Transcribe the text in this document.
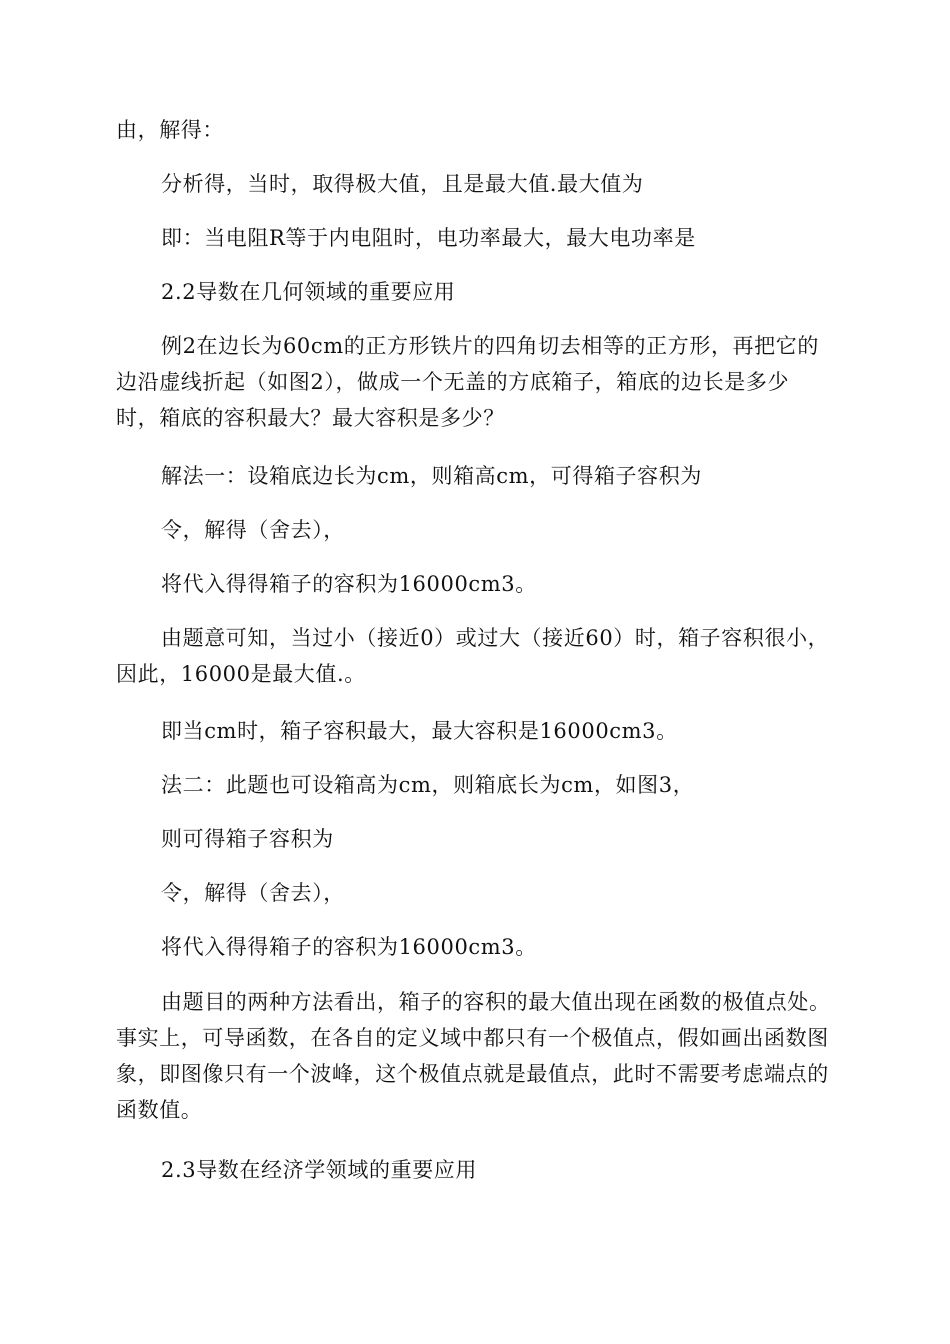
由，解得：

分析得，当时，取得极大值，且是最大值.最大值为

即：当电阻R等于内电阻时，电功率最大，最大电功率是

2.2导数在几何领域的重要应用

例2在边长为60cm的正方形铁片的四角切去相等的正方形，再把它的边沿虚线折起（如图2），做成一个无盖的方底箱子，箱底的边长是多少时，箱底的容积最大？最大容积是多少？

解法一：设箱底边长为cm，则箱高cm，可得箱子容积为

令，解得（舍去），

将代入得得箱子的容积为16000cm3。

由题意可知，当过小（接近0）或过大（接近60）时，箱子容积很小，因此，16000是最大值.。

即当cm时，箱子容积最大，最大容积是16000cm3。

法二：此题也可设箱高为cm，则箱底长为cm，如图3，

则可得箱子容积为

令，解得（舍去），

将代入得得箱子的容积为16000cm3。

由题目的两种方法看出，箱子的容积的最大值出现在函数的极值点处。事实上，可导函数，在各自的定义域中都只有一个极值点，假如画出函数图象，即图像只有一个波峰，这个极值点就是最值点，此时不需要考虑端点的函数值。

2.3导数在经济学领域的重要应用
